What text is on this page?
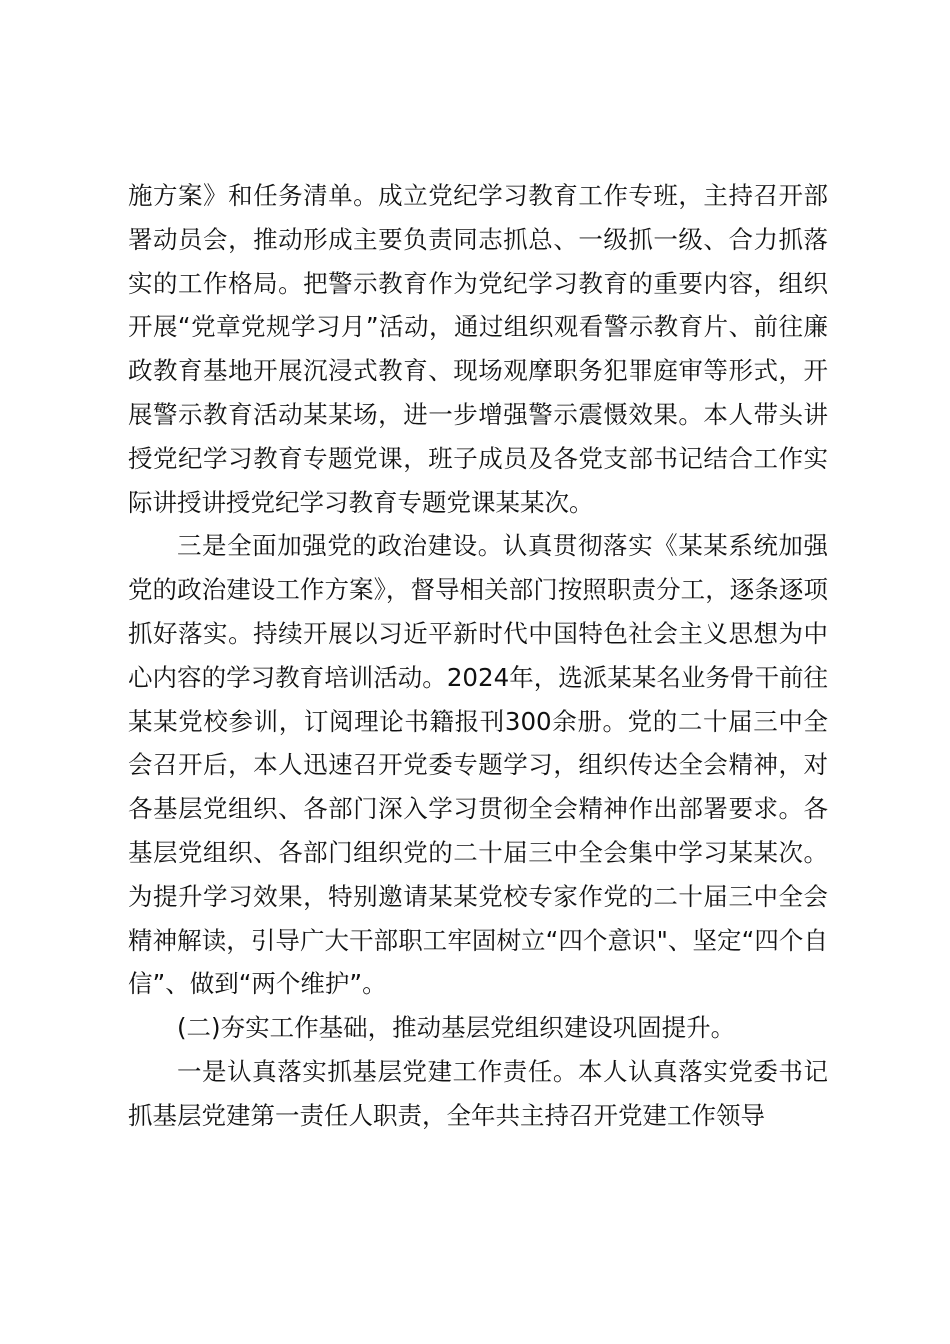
施方案》和任务清单。成立党纪学习教育工作专班，主持召开部署动员会，推动形成主要负责同志抓总、一级抓一级、合力抓落实的工作格局。把警示教育作为党纪学习教育的重要内容，组织开展“党章党规学习月”活动，通过组织观看警示教育片、前往廉政教育基地开展沉浸式教育、现场观摩职务犯罪庭审等形式，开展警示教育活动某某场，进一步增强警示震慑效果。本人带头讲授党纪学习教育专题党课，班子成员及各党支部书记结合工作实际讲授讲授党纪学习教育专题党课某某次。

三是全面加强党的政治建设。认真贯彻落实《某某系统加强党的政治建设工作方案》，督导相关部门按照职责分工，逐条逐项抓好落实。持续开展以习近平新时代中国特色社会主义思想为中心内容的学习教育培训活动。2024年，选派某某名业务骨干前往某某党校参训，订阅理论书籍报刊300余册。党的二十届三中全会召开后，本人迅速召开党委专题学习，组织传达全会精神，对各基层党组织、各部门深入学习贯彻全会精神作出部署要求。各基层党组织、各部门组织党的二十届三中全会集中学习某某次。为提升学习效果，特别邀请某某党校专家作党的二十届三中全会精神解读，引导广大干部职工牢固树立“四个意识"、坚定“四个自信”、做到“两个维护”。

(二)夯实工作基础，推动基层党组织建设巩固提升。

一是认真落实抓基层党建工作责任。本人认真落实党委书记抓基层党建第一责任人职责，全年共主持召开党建工作领导
